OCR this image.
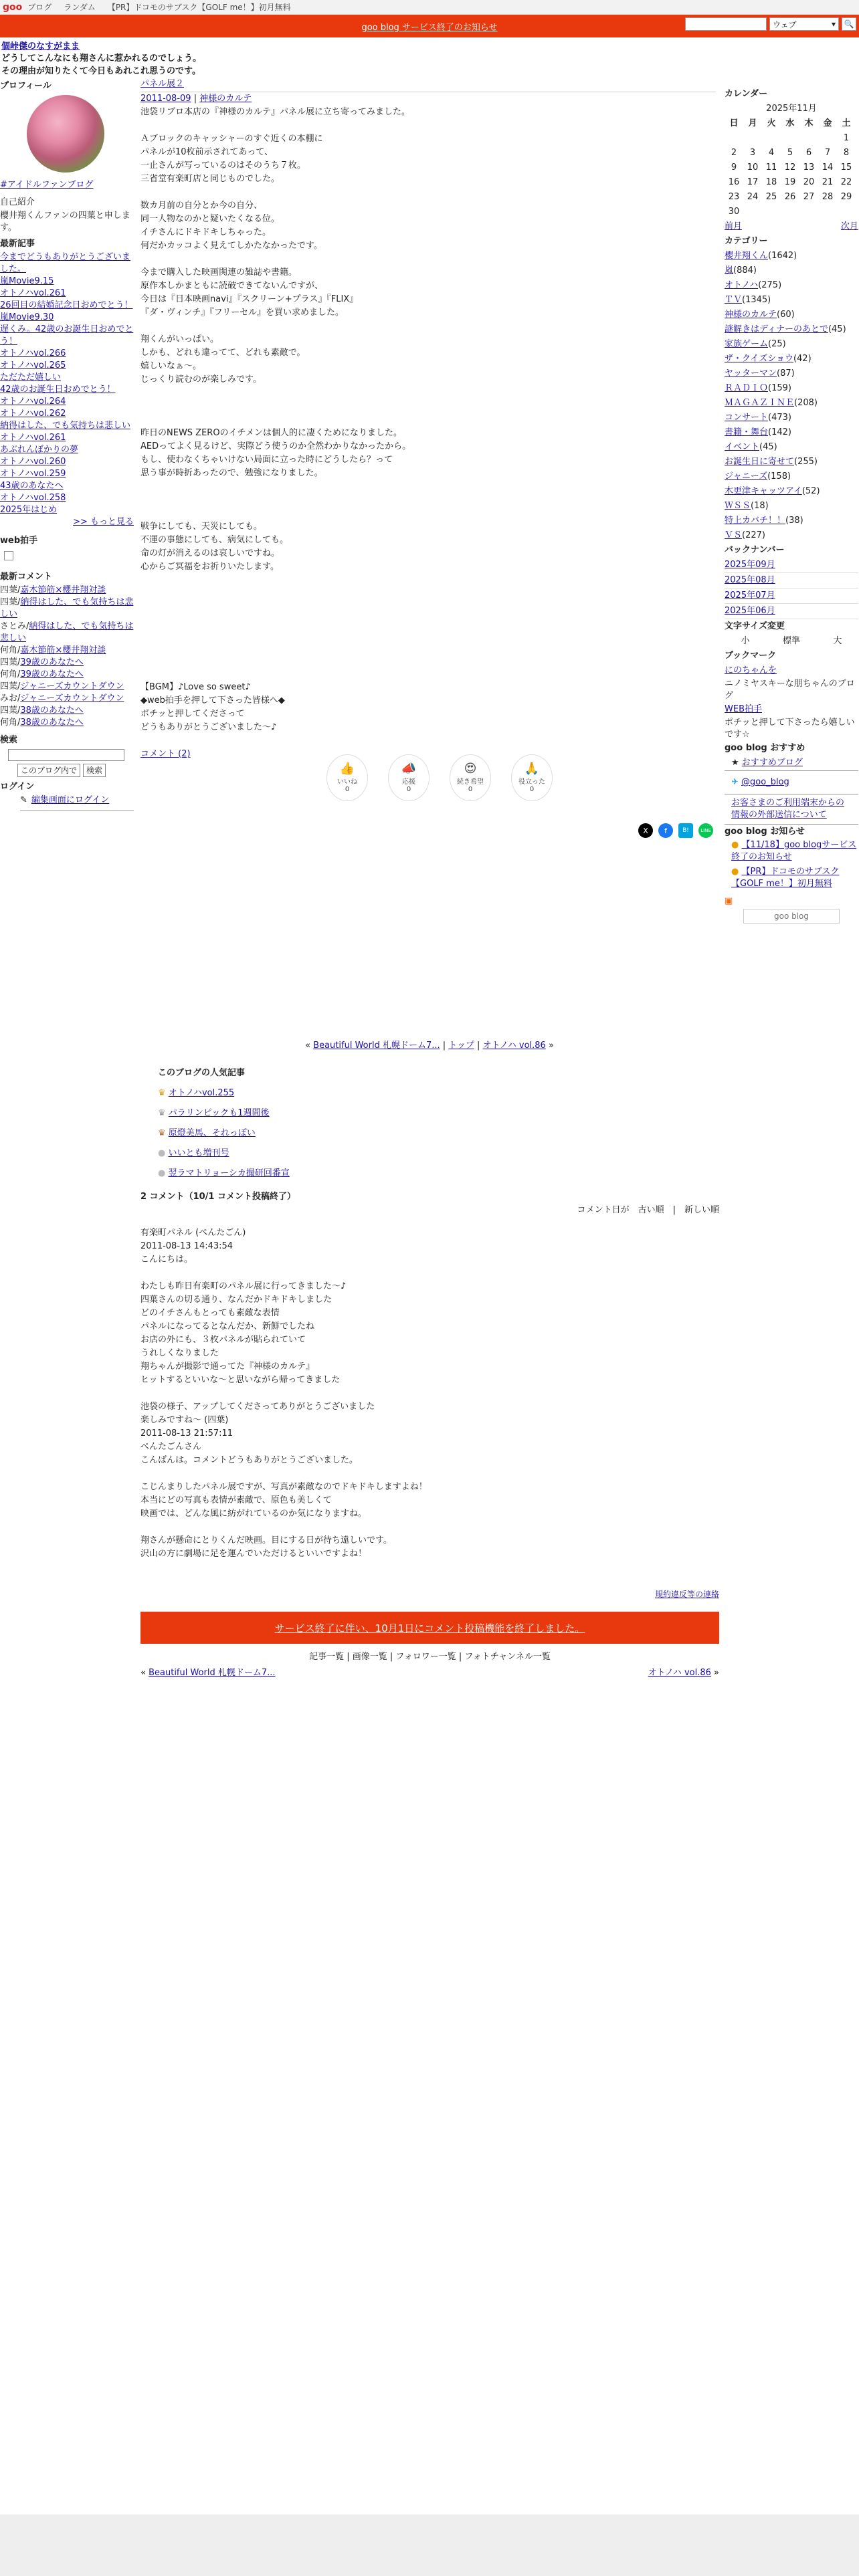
goo ブログ ランダム 【PR】ドコモのサブスク【GOLF me！】初月無料
goo blog サービス終了のお知らせ	ウェブ	▾ 🔍
個峠傑のなすがまま
どうしてこんなにも翔さんに惹かれるのでしょう。
その理由が知りたくて今日もあれこれ思うのです。
プロフィール
#アイドルファンブログ
自己紹介
櫻井翔くんファンの四葉と申します。
最新記事
今までどうもありがとうございました。
嵐Movie9.15
オトノハvol.261
26回目の結婚記念日おめでとう！
嵐Movie9.30
遅くみ。42歳のお誕生日おめでとう！
オトノハvol.266
オトノハvol.265
ただただ嬉しい
42歳のお誕生日おめでとう！
オトノハvol.264
オトノハvol.262
納得はした、でも気持ちは悲しい
オトノハvol.261
あぶれんぼかりの夢
オトノハvol.260
オトノハvol.259
43歳のあなたへ
オトノハvol.258
2025年はじめ
>> もっと見る
web拍手
最新コメント
四葉/嘉木節筋×櫻井翔対談
四葉/納得はした、でも気持ちは悲しい
さとみ/納得はした、でも気持ちは悲しい
何角/嘉木節筋×櫻井翔対談
四葉/39歳のあなたへ
何角/39歳のあなたへ
四葉/ジャニーズカウントダウン
みお/ジャニーズカウントダウン
四葉/38歳のあなたへ
何角/38歳のあなたへ
検索
このブログ内で	検索
ログイン
✎ 編集画面にログイン
パネル展２
2011-08-09 | 神様のカルテ
池袋リブロ本店の『神様のカルテ』パネル展に立ち寄ってみました。
Ａブロックのキャッシャーのすぐ近くの本棚に
パネルが10枚前示されてあって、
一止さんが写っているのはそのうち７枚。
三省堂有楽町店と同じものでした。
数カ月前の自分とか今の自分、
同一人物なのかと疑いたくなる位。
イチさんにドキドキしちゃった。
何だかカッコよく見えてしかたなかったです。
今まで購入した映画関連の雑誌や書籍。
原作本しかまともに読破できてないんですが、
今日は『日本映画navi』『スクリーン+プラス』『FLIX』
『ダ・ヴィンチ』『フリーセル』を買い求めました。
翔くんがいっぱい。
しかも、どれも違ってて、どれも素敵で。
嬉しいなぁ～。
じっくり読むのが楽しみです。
昨日のNEWS ZEROのイチメンは個人的に凄くためになりました。
AEDってよく見るけど、実際どう使うのか全然わかりなかったから。
もし、使わなくちゃいけない局面に立った時にどうしたら？って
思う事が時折あったので、勉強になりました。
戦争にしても、天災にしても。
不運の事態にしても、病気にしても。
命の灯が消えるのは哀しいですね。
心からご冥福をお祈りいたします。
【BGM】♪Love so sweet♪
◆web拍手を押して下さった皆様へ◆
ポチッと押してくださって
どうもありがとうございました～♪
コメント (2)
👍
いいね
0
📣
応援
0
😍
続き希望
0
🙏
役立った
0
X	f	B!	LINE
« Beautiful World 札幌ドーム7... | トップ | オトノハ vol.86 »
このブログの人気記事
♛ オトノハvol.255
♛ パラリンピックも1週間後
♛ 原燈美馬、それっぽい
● いいとも増刊号
● 翌ラマトリョーシカ撮研回番宣
2 コメント（10/1 コメント投稿終了）
コメント日が　古い順　|　新しい順
有楽町パネル (ぺんたごん)
2011-08-13 14:43:54
こんにちは。
わたしも昨日有楽町のパネル展に行ってきました～♪
四葉さんの切る通り、なんだかドキドキしました
どのイチさんもとっても素敵な表情
パネルになってるとなんだか、新鮮でしたね
お店の外にも、３枚パネルが貼られていて
うれしくなりました
翔ちゃんが撮影で通ってた『神様のカルテ』
ヒットするといいな～と思いながら帰ってきました
池袋の様子、アップしてくださってありがとうございました
楽しみですね～ (四葉)
2011-08-13 21:57:11
ぺんたごんさん
こんばんは。コメントどうもありがとうございました。
こじんまりしたパネル展ですが、写真が素敵なのでドキドキしますよね！
本当にどの写真も表情が素敵で、原色も美しくて
映画では、どんな風に紡がれているのか気になりますね。
翔さんが懸命にとりくんだ映画。目にする日が待ち遠しいです。
沢山の方に劇場に足を運んでいただけるといいですよね！
規約違反等の連絡
サービス終了に伴い、10月1日にコメント投稿機能を終了しました。
記事一覧 | 画像一覧 | フォロワー一覧 | フォトチャンネル一覧
« Beautiful World 札幌ドーム7...	オトノハ vol.86 »
カレンダー
2025年11月
日	月	火	水	木	金	土
						1
2	3	4	5	6	7	8
9	10	11	12	13	14	15
16	17	18	19	20	21	22
23	24	25	26	27	28	29
30						
前月	次月
カテゴリー
櫻井翔くん(1642)
嵐(884)
オトノハ(275)
ＴＶ(1345)
神様のカルテ(60)
謎解きはディナーのあとで(45)
家族ゲーム(25)
ザ・クイズショウ(42)
ヤッターマン(87)
ＲＡＤＩＯ(159)
ＭＡＧＡＺＩＮＥ(208)
コンサート(473)
書籍・舞台(142)
イベント(45)
お誕生日に寄せて(255)
ジャニーズ(158)
木更津キャッツアイ(52)
ＷＳＳ(18)
特上カバチ！！(38)
ＶＳ(227)
バックナンバー
2025年09月
2025年08月
2025年07月
2025年06月
文字サイズ変更
小	標準	大
ブックマーク
にのちゃんを
ニノミヤスキーな朋ちゃんのブログ
WEB拍手
ポチッと押して下さったら嬉しいです☆
goo blog おすすめ
★ おすすめブログ
✈ @goo_blog
お客さまのご利用端末からの情報の外部送信について
goo blog お知らせ
● 【11/18】goo blogサービス終了のお知らせ
● 【PR】ドコモのサブスク【GOLF me！】初月無料
▣
goo blog
